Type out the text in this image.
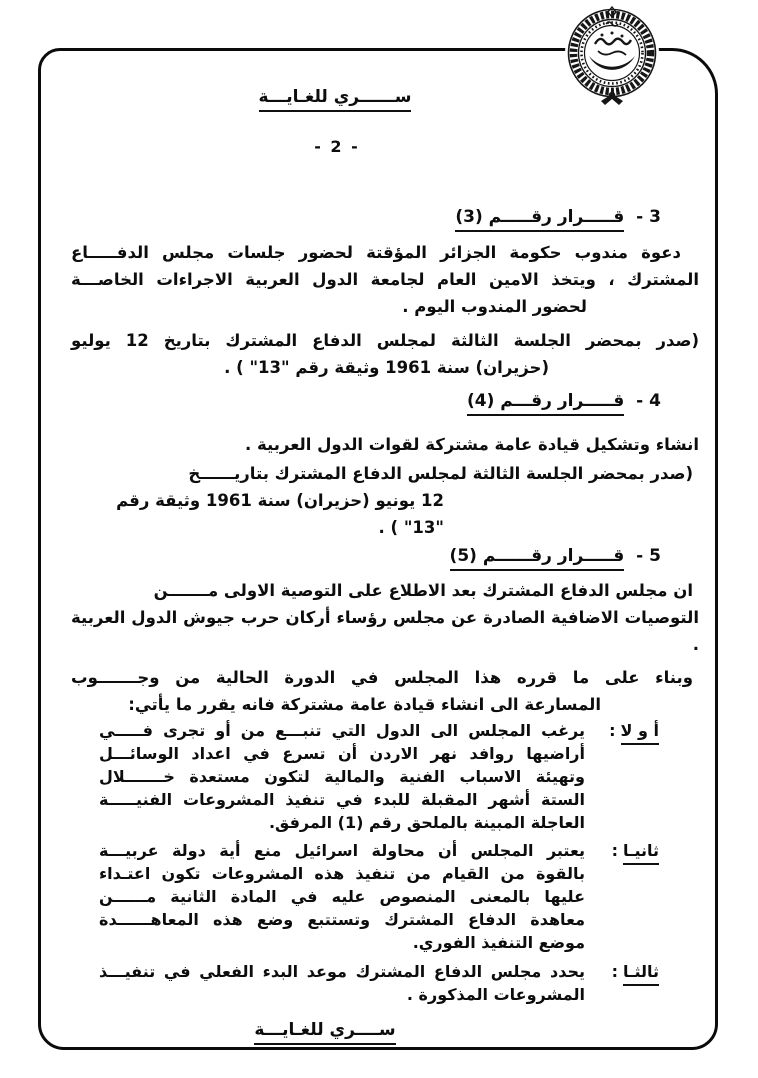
ســــــري للغـايـــة
- 2 -
3 - قـــــرار رقـــــم (3)
دعوة مندوب حكومة الجزائر المؤقتة لحضور جلسات مجلس الدفـــــاع
المشترك ، ويتخذ الامين العام لجامعة الدول العربية الاجراءات الخاصـــة
لحضور المندوب اليوم .
(صدر بمحضر الجلسة الثالثة لمجلس الدفاع المشترك بتاريخ 12 يوليو
(حزيران) سنة 1961 وثيقة رقم "13" ) .
4 - قـــــرار رقـــم (4)
انشاء وتشكيل قيادة عامة مشتركة لقوات الدول العربية .
(صدر بمحضر الجلسة الثالثة لمجلس الدفاع المشترك بتاريــــــخ
12 يونيو (حزيران) سنة 1961 وثيقة رقم "13" ) .
5 - قـــــرار رقــــــم (5)
ان مجلس الدفاع المشترك بعد الاطلاع على التوصية الاولى مـــــــن
التوصيات الاضافية الصادرة عن مجلس رؤساء أركان حرب جيوش الدول العربية .
وبناء على ما قرره هذا المجلس في الدورة الحالية من وجـــــــوب
المسارعة الى انشاء قيادة عامة مشتركة فانه يقرر ما يأتي:
أ و لا:
يرغب المجلس الى الدول التي تنبـــع من أو تجرى فـــــي
أراضيها روافد نهر الاردن أن تسرع في اعداد الوسائـــل
وتهيئة الاسباب الفنية والمالية لتكون مستعدة خـــــــلال
الستة أشهر المقبلة للبدء في تنفيذ المشروعات الفنيـــــة
العاجلة المبينة بالملحق رقم (1) المرفق.
ثانيـا:
يعتبر المجلس أن محاولة اسرائيل منع أية دولة عربيـــة
بالقوة من القيام من تنفيذ هذه المشروعات تكون اعتـداء
عليها بالمعنى المنصوص عليه في المادة الثانية مــــــن
معاهدة الدفاع المشترك وتستتبع وضع هذه المعاهــــــدة
موضع التنفيذ الفوري.
ثالثـا:
يحدد مجلس الدفاع المشترك موعد البدء الفعلي في تنفيـــذ
المشروعات المذكورة .
ســــري للغـايـــة
